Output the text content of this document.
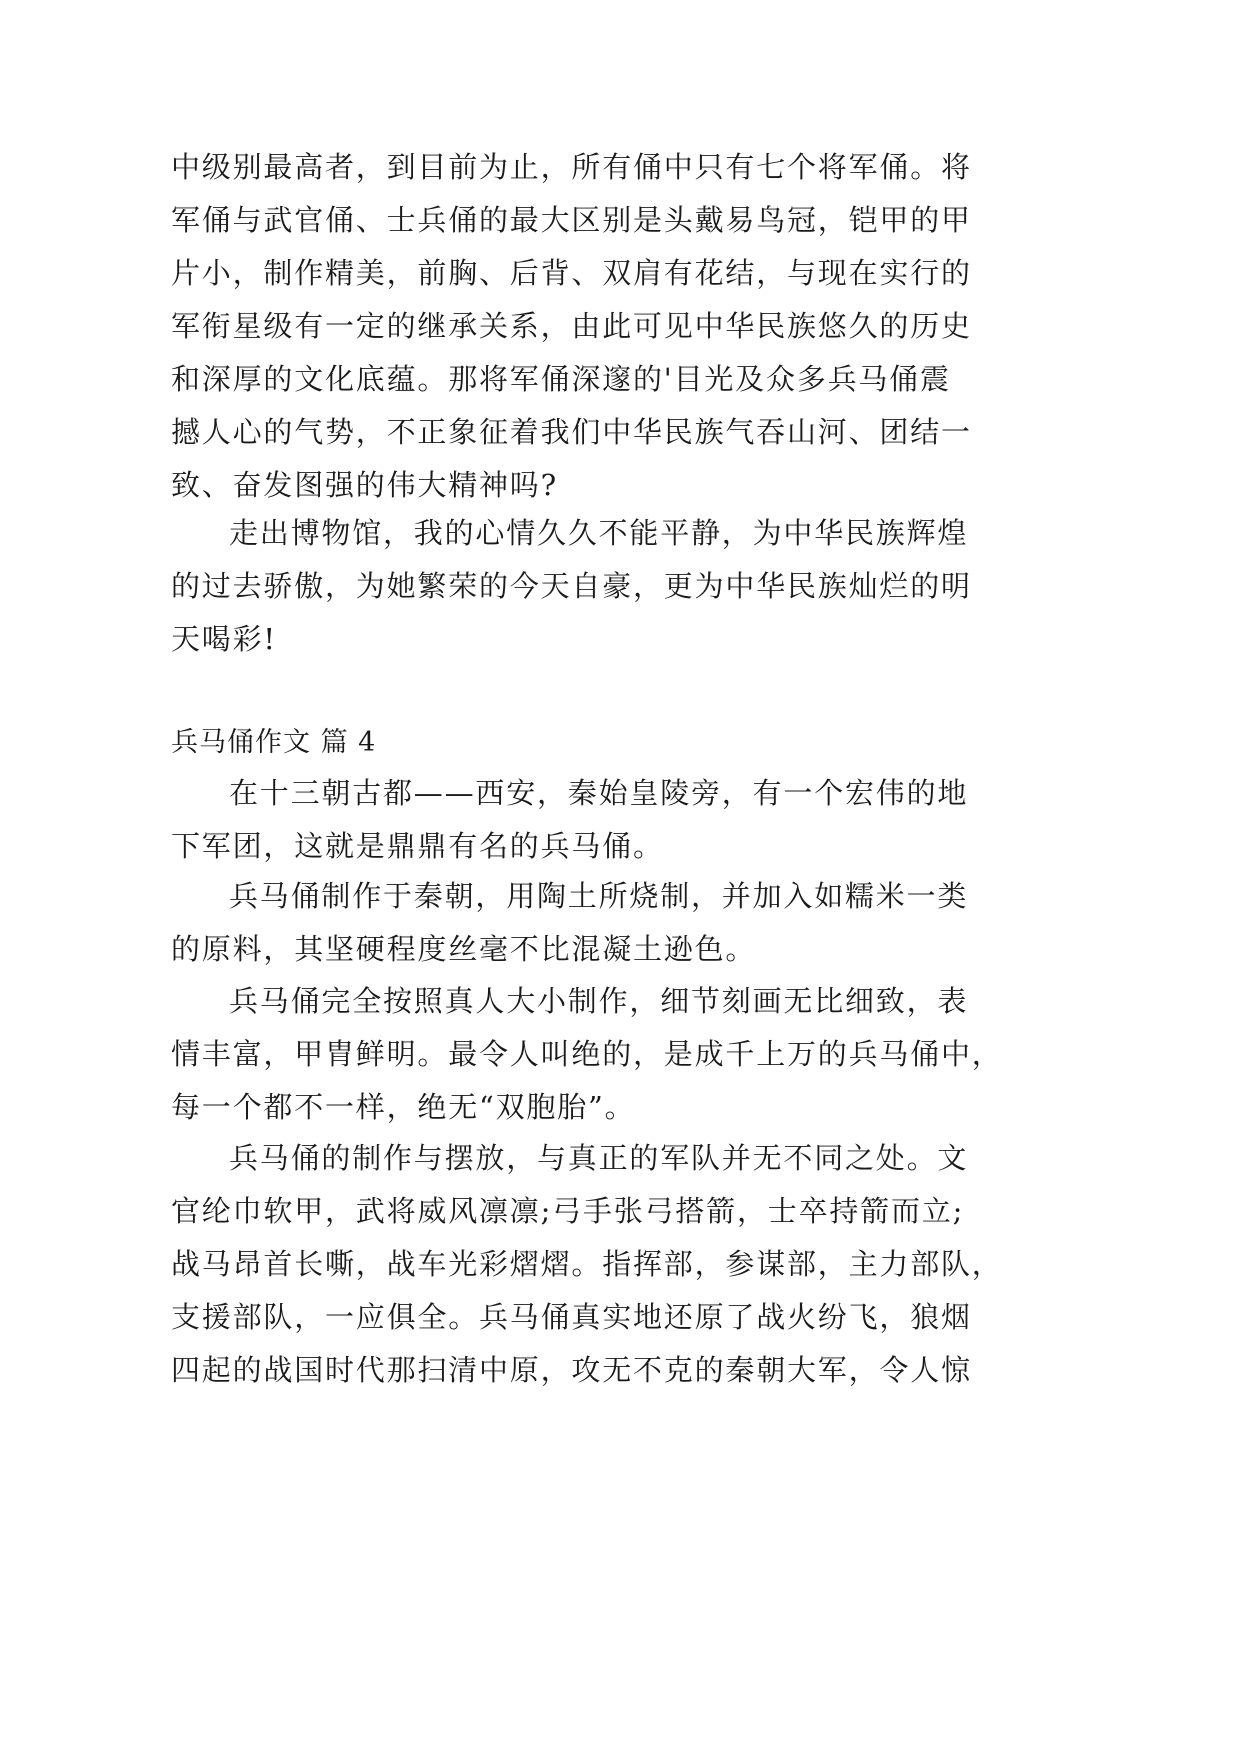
中级别最高者，到目前为止，所有俑中只有七个将军俑。将
军俑与武官俑、士兵俑的最大区别是头戴易鸟冠，铠甲的甲
片小，制作精美，前胸、后背、双肩有花结，与现在实行的
军衔星级有一定的继承关系，由此可见中华民族悠久的历史
和深厚的文化底蕴。那将军俑深邃的'目光及众多兵马俑震
撼人心的气势，不正象征着我们中华民族气吞山河、团结一
致、奋发图强的伟大精神吗?
走出博物馆，我的心情久久不能平静，为中华民族辉煌
的过去骄傲，为她繁荣的今天自豪，更为中华民族灿烂的明
天喝彩!
兵马俑作文 篇 4
在十三朝古都——西安，秦始皇陵旁，有一个宏伟的地
下军团，这就是鼎鼎有名的兵马俑。
兵马俑制作于秦朝，用陶土所烧制，并加入如糯米一类
的原料，其坚硬程度丝毫不比混凝土逊色。
兵马俑完全按照真人大小制作，细节刻画无比细致，表
情丰富，甲胄鲜明。最令人叫绝的，是成千上万的兵马俑中，
每一个都不一样，绝无“双胞胎”。
兵马俑的制作与摆放，与真正的军队并无不同之处。文
官纶巾软甲，武将威风凛凛;弓手张弓搭箭，士卒持箭而立;
战马昂首长嘶，战车光彩熠熠。指挥部，参谋部，主力部队，
支援部队，一应俱全。兵马俑真实地还原了战火纷飞，狼烟
四起的战国时代那扫清中原，攻无不克的秦朝大军，令人惊
